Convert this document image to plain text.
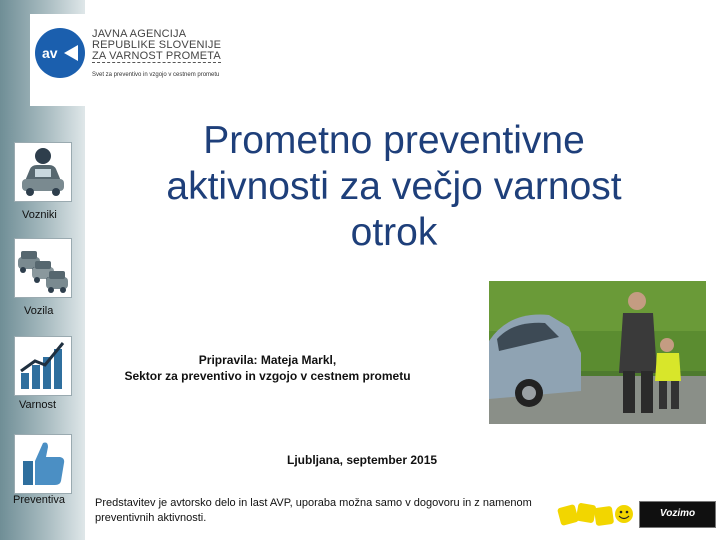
Vozniki
Vozila
Varnost
Preventiva
av
JAVNA AGENCIJA
REPUBLIKE SLOVENIJE
ZA VARNOST PROMETA
Svet za preventivo in vzgojo v cestnem prometu
Prometno preventivne
aktivnosti za večjo varnost
otrok
Pripravila: Mateja Markl,
Sektor za preventivo in vzgojo v cestnem prometu
Ljubljana, september 2015
Predstavitev je avtorsko delo in last AVP, uporaba možna samo v dogovoru in z namenom preventivnih aktivnosti.	Vozimo pametno!
